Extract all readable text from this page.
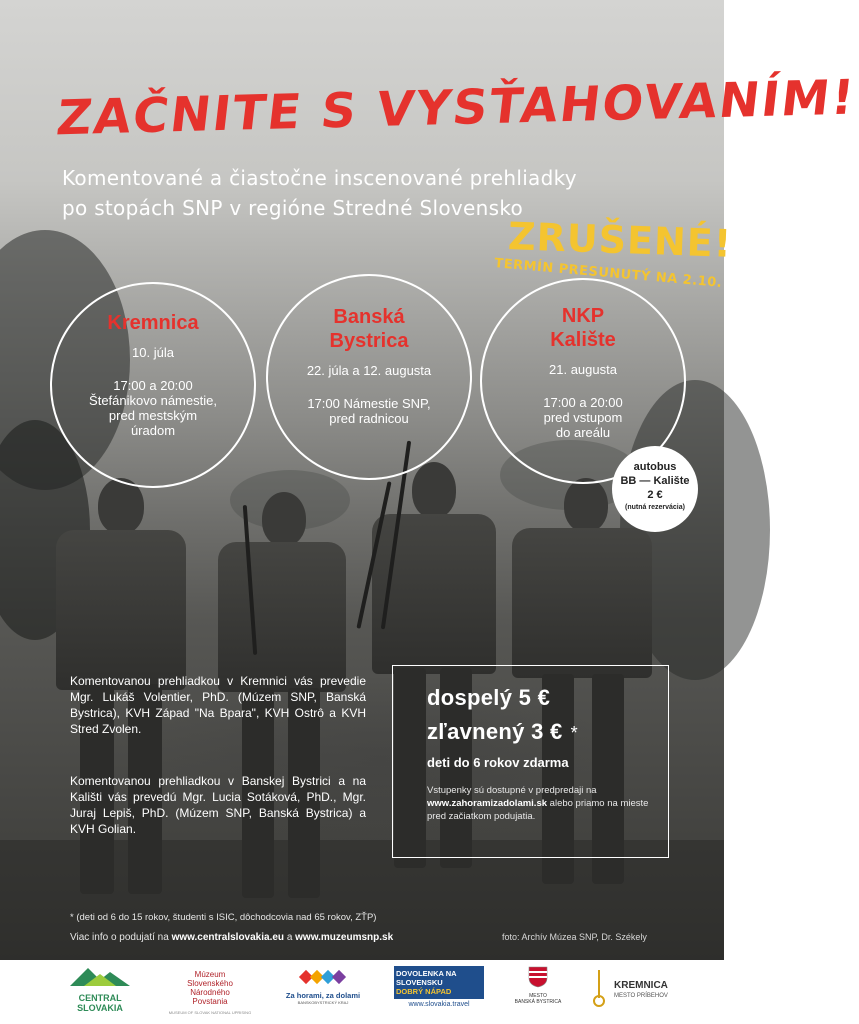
ZAČNITE S VYSŤAHOVANÍM!
Komentované a čiastočne inscenované prehliadky
po stopách SNP v regióne Stredné Slovensko
ZRUŠENÉ!
TERMÍN PRESUNUTÝ NA 2.10.
Kremnica
10. júla
17:00 a 20:00
Štefánikovo námestie,
pred mestským
úradom
Banská
Bystrica
22. júla a 12. augusta
17:00 Námestie SNP,
pred radnicou
NKP
Kalište
21. augusta
17:00 a 20:00
pred vstupom
do areálu
autobus
BB — Kalište
2 €
(nutná rezervácia)
Komentovanou prehliadkou v Kremnici vás prevedie Mgr. Lukáš Volentier, PhD. (Múzem SNP, Banská Bystrica), KVH Západ "Na Bpara", KVH Ostrô a KVH Stred Zvolen.
Komentovanou prehliadkou v Banskej Bystrici a na Kališti vás prevedú Mgr. Lucia Sotáková, PhD., Mgr. Juraj Lepiš, PhD. (Múzem SNP, Banská Bystrica) a KVH Golian.
dospelý 5 €
zľavnený 3 € *
deti do 6 rokov zdarma
Vstupenky sú dostupné v predpredaji na www.zahoramizadolami.sk alebo priamo na mieste pred začiatkom podujatia.
* (deti od 6 do 15 rokov, študenti s ISIC, dôchodcovia nad 65 rokov, ZŤP)
Viac info o podujatí na www.centralslovakia.eu a www.muzeumsnp.sk	foto: Archív Múzea SNP, Dr. Székely
CENTRAL SLOVAKIA
Múzeum
Slovenského
Národného
Povstania
MUSEUM OF SLOVAK NATIONAL UPRISING
Za horami, za dolami
BANSKOBYSTRICKÝ KRAJ
DOVOLENKA NA
SLOVENSKU
DOBRÝ NÁPAD
www.slovakia.travel
MESTO
BANSKÁ BYSTRICA
KREMNICA
MESTO PRÍBEHOV
